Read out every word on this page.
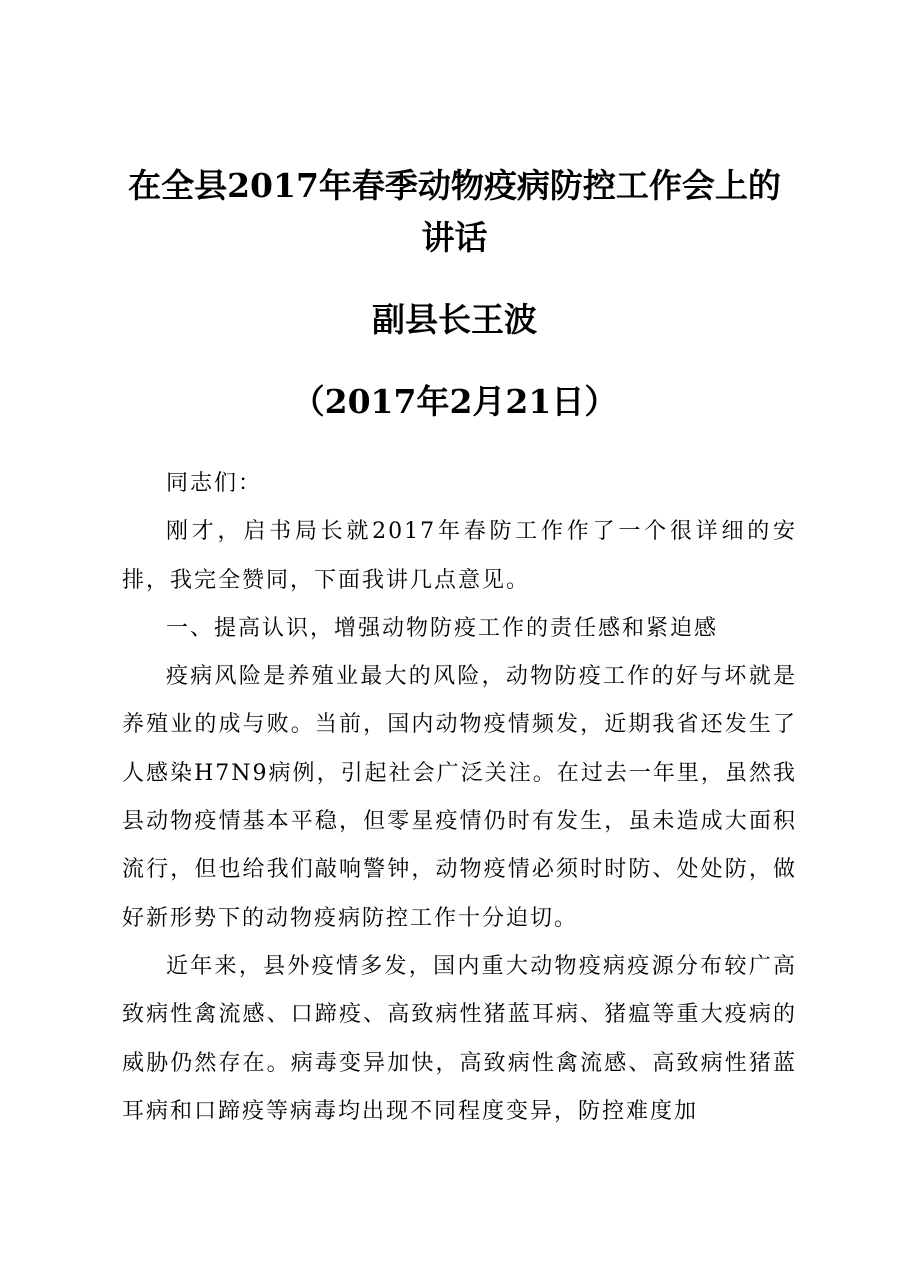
在全县2017年春季动物疫病防控工作会上的
讲话
副县长王波
（2017年2月21日）

同志们：

刚才，启书局长就2017年春防工作作了一个很详细的安排，我完全赞同，下面我讲几点意见。

一、提高认识，增强动物防疫工作的责任感和紧迫感

疫病风险是养殖业最大的风险，动物防疫工作的好与坏就是养殖业的成与败。当前，国内动物疫情频发，近期我省还发生了人感染H7N9病例，引起社会广泛关注。在过去一年里，虽然我县动物疫情基本平稳，但零星疫情仍时有发生，虽未造成大面积流行，但也给我们敲响警钟，动物疫情必须时时防、处处防，做好新形势下的动物疫病防控工作十分迫切。

近年来，县外疫情多发，国内重大动物疫病疫源分布较广高致病性禽流感、口蹄疫、高致病性猪蓝耳病、猪瘟等重大疫病的威胁仍然存在。病毒变异加快，高致病性禽流感、高致病性猪蓝耳病和口蹄疫等病毒均出现不同程度变异，防控难度加
